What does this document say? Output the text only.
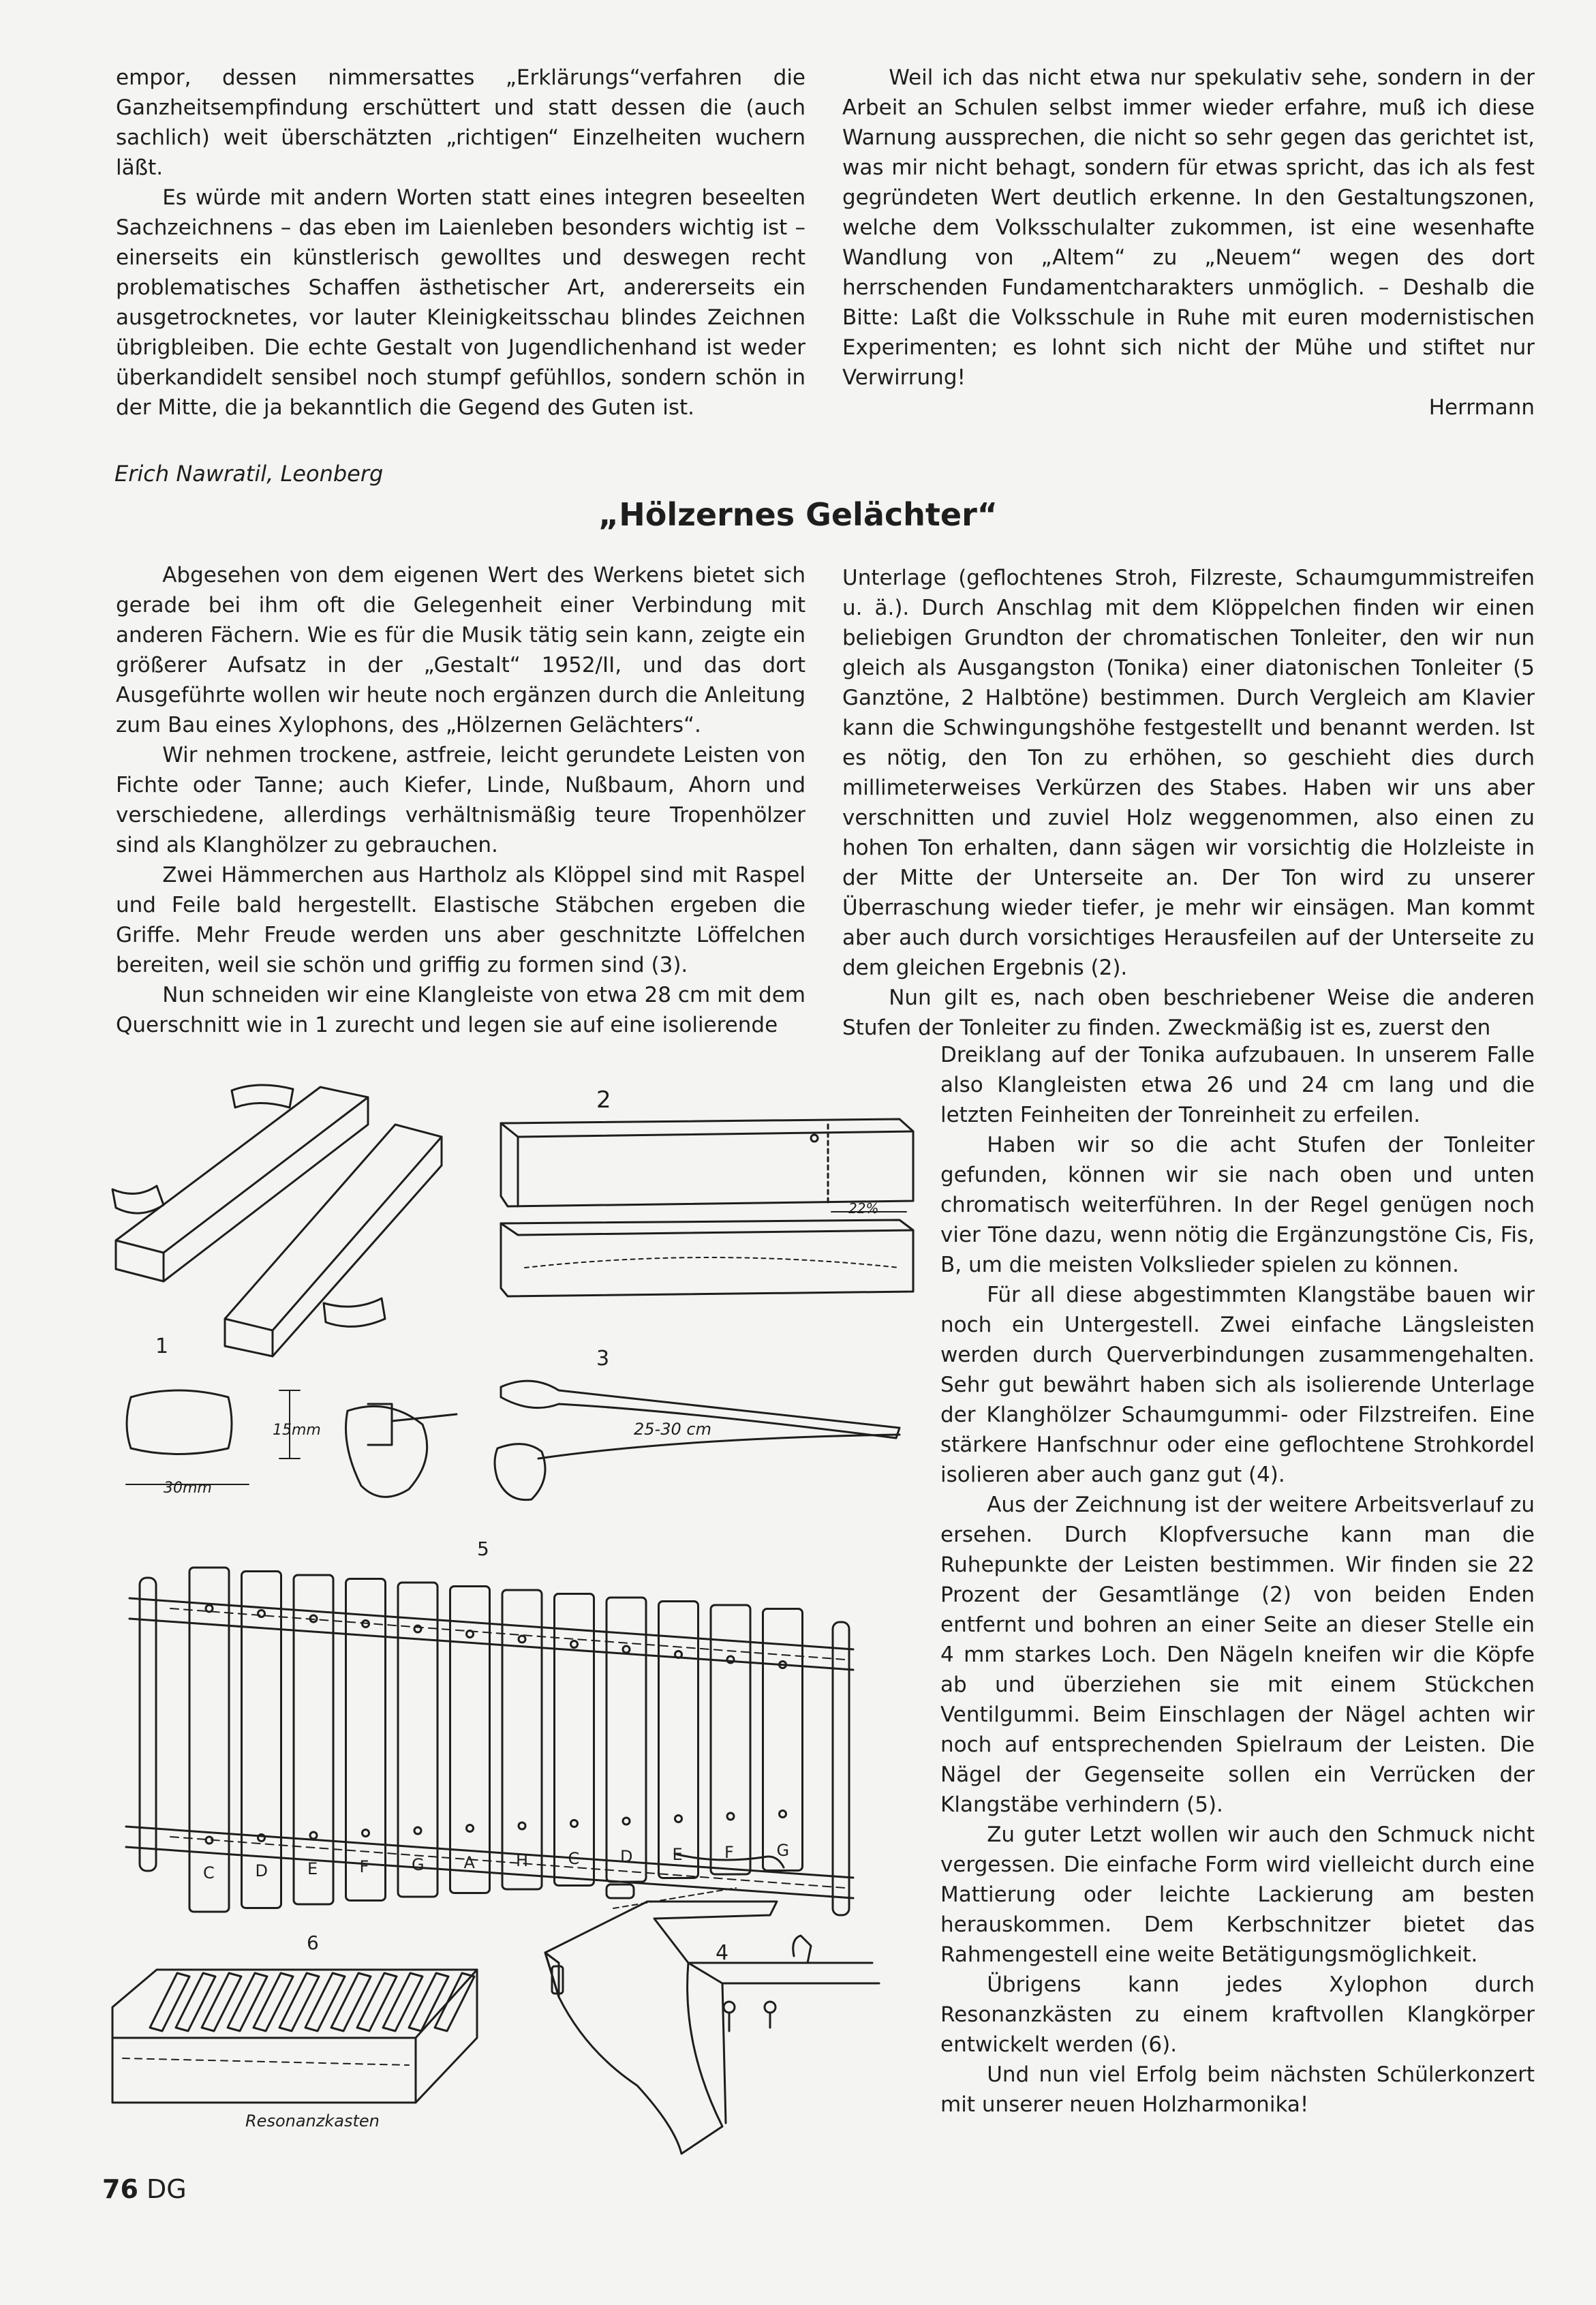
empor, dessen nimmersattes „Erklärungs“verfahren die Ganzheitsempfindung erschüttert und statt dessen die (auch sachlich) weit überschätzten „richtigen“ Einzelheiten wuchern läßt.

Es würde mit andern Worten statt eines integren beseelten Sachzeichnens – das eben im Laienleben besonders wichtig ist – einerseits ein künstlerisch gewolltes und deswegen recht problematisches Schaffen ästhetischer Art, andererseits ein ausgetrocknetes, vor lauter Kleinigkeitsschau blindes Zeichnen übrigbleiben. Die echte Gestalt von Jugendlichenhand ist weder überkandidelt sensibel noch stumpf gefühllos, sondern schön in der Mitte, die ja bekanntlich die Gegend des Guten ist.

Weil ich das nicht etwa nur spekulativ sehe, sondern in der Arbeit an Schulen selbst immer wieder erfahre, muß ich diese Warnung aussprechen, die nicht so sehr gegen das gerichtet ist, was mir nicht behagt, sondern für etwas spricht, das ich als fest gegründeten Wert deutlich erkenne. In den Gestaltungszonen, welche dem Volksschulalter zukommen, ist eine wesenhafte Wandlung von „Altem“ zu „Neuem“ wegen des dort herrschenden Fundamentcharakters unmöglich. – Deshalb die Bitte: Laßt die Volksschule in Ruhe mit euren modernistischen Experimenten; es lohnt sich nicht der Mühe und stiftet nur Verwirrung!

Herrmann

Erich Nawratil, Leonberg
„Hölzernes Gelächter“

Abgesehen von dem eigenen Wert des Werkens bietet sich gerade bei ihm oft die Gelegenheit einer Verbindung mit anderen Fächern. Wie es für die Musik tätig sein kann, zeigte ein größerer Aufsatz in der „Gestalt“ 1952/II, und das dort Ausgeführte wollen wir heute noch ergänzen durch die Anleitung zum Bau eines Xylophons, des „Hölzernen Gelächters“.

Wir nehmen trockene, astfreie, leicht gerundete Leisten von Fichte oder Tanne; auch Kiefer, Linde, Nußbaum, Ahorn und verschiedene, allerdings verhältnismäßig teure Tropenhölzer sind als Klanghölzer zu gebrauchen.

Zwei Hämmerchen aus Hartholz als Klöppel sind mit Raspel und Feile bald hergestellt. Elastische Stäbchen ergeben die Griffe. Mehr Freude werden uns aber geschnitzte Löffelchen bereiten, weil sie schön und griffig zu formen sind (3).

Nun schneiden wir eine Klangleiste von etwa 28 cm mit dem Querschnitt wie in 1 zurecht und legen sie auf eine isolierende

Unterlage (geflochtenes Stroh, Filzreste, Schaumgummistreifen u. ä.). Durch Anschlag mit dem Klöppelchen finden wir einen beliebigen Grundton der chromatischen Tonleiter, den wir nun gleich als Ausgangston (Tonika) einer diatonischen Tonleiter (5 Ganztöne, 2 Halbtöne) bestimmen. Durch Vergleich am Klavier kann die Schwingungshöhe festgestellt und benannt werden. Ist es nötig, den Ton zu erhöhen, so geschieht dies durch millimeterweises Verkürzen des Stabes. Haben wir uns aber verschnitten und zuviel Holz weggenommen, also einen zu hohen Ton erhalten, dann sägen wir vorsichtig die Holzleiste in der Mitte der Unterseite an. Der Ton wird zu unserer Überraschung wieder tiefer, je mehr wir einsägen. Man kommt aber auch durch vorsichtiges Herausfeilen auf der Unterseite zu dem gleichen Ergebnis (2).

Nun gilt es, nach oben beschriebener Weise die anderen Stufen der Tonleiter zu finden. Zweckmäßig ist es, zuerst den

Dreiklang auf der Tonika aufzubauen. In unserem Falle also Klangleisten etwa 26 und 24 cm lang und die letzten Feinheiten der Tonreinheit zu erfeilen.

Haben wir so die acht Stufen der Tonleiter gefunden, können wir sie nach oben und unten chromatisch weiterführen. In der Regel genügen noch vier Töne dazu, wenn nötig die Ergänzungstöne Cis, Fis, B, um die meisten Volkslieder spielen zu können.

Für all diese abgestimmten Klangstäbe bauen wir noch ein Untergestell. Zwei einfache Längsleisten werden durch Querverbindungen zusammengehalten. Sehr gut bewährt haben sich als isolierende Unterlage der Klanghölzer Schaumgummi- oder Filzstreifen. Eine stärkere Hanfschnur oder eine geflochtene Strohkordel isolieren aber auch ganz gut (4).

Aus der Zeichnung ist der weitere Arbeitsverlauf zu ersehen. Durch Klopfversuche kann man die Ruhepunkte der Leisten bestimmen. Wir finden sie 22 Prozent der Gesamtlänge (2) von beiden Enden entfernt und bohren an einer Seite an dieser Stelle ein 4 mm starkes Loch. Den Nägeln kneifen wir die Köpfe ab und überziehen sie mit einem Stückchen Ventilgummi. Beim Einschlagen der Nägel achten wir noch auf entsprechenden Spielraum der Leisten. Die Nägel der Gegenseite sollen ein Verrücken der Klangstäbe verhindern (5).

Zu guter Letzt wollen wir auch den Schmuck nicht vergessen. Die einfache Form wird vielleicht durch eine Mattierung oder leichte Lackierung am besten herauskommen. Dem Kerbschnitzer bietet das Rahmengestell eine weite Betätigungsmöglichkeit.

Übrigens kann jedes Xylophon durch Resonanzkästen zu einem kraftvollen Klangkörper entwickelt werden (6).

Und nun viel Erfolg beim nächsten Schülerkonzert mit unserer neuen Holzharmonika!

1
2
3
4
5
6
15mm
30mm
22%
25-30 cm
Resonanzkasten
C D E	F	G A	H C D E	F	G
76 DG
